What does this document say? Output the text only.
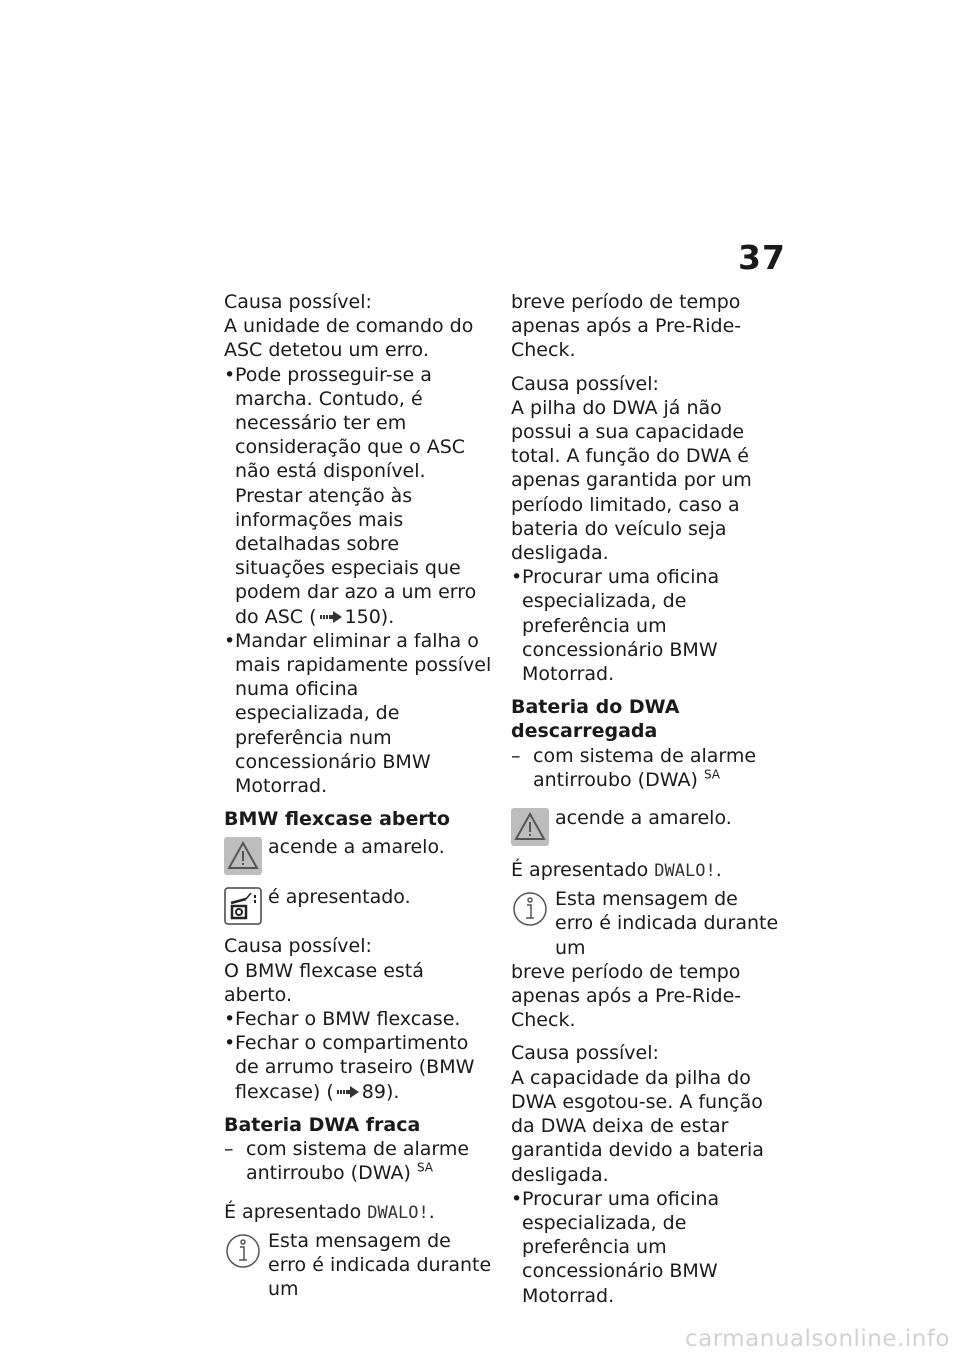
37

Causa possível:

A unidade de comando do ASC detetou um erro.

• Pode prosseguir-se a marcha. Contudo, é necessário ter em consideração que o ASC não está disponível. Prestar atenção às informações mais detalhadas sobre situações especiais que podem dar azo a um erro do ASC ( 150).

• Mandar eliminar a falha o mais rapidamente possível numa oficina especializada, de preferência num concessionário BMW Motorrad.

BMW flexcase aberto

acende a amarelo.

é apresentado.

Causa possível:

O BMW flexcase está aberto.

• Fechar o BMW flexcase.

• Fechar o compartimento de arrumo traseiro (BMW flexcase) ( 89).

Bateria DWA fraca

– com sistema de alarme antirroubo (DWA) $^{SA}$

É apresentado DWALO!.

Esta mensagem de erro é indicada durante um

breve período de tempo apenas após a Pre-Ride-Check.

Causa possível:

A pilha do DWA já não possui a sua capacidade total. A função do DWA é apenas garantida por um período limitado, caso a bateria do veículo seja desligada.

• Procurar uma oficina especializada, de preferência um concessionário BMW Motorrad.

Bateria do DWA descarregada

– com sistema de alarme antirroubo (DWA) $^{SA}$

acende a amarelo.

É apresentado DWALO!.

Esta mensagem de erro é indicada durante um

breve período de tempo apenas após a Pre-Ride-Check.

Causa possível:

A capacidade da pilha do DWA esgotou-se. A função da DWA deixa de estar garantida devido a bateria desligada.

• Procurar uma oficina especializada, de preferência um concessionário BMW Motorrad.

carmanualsonline.info
